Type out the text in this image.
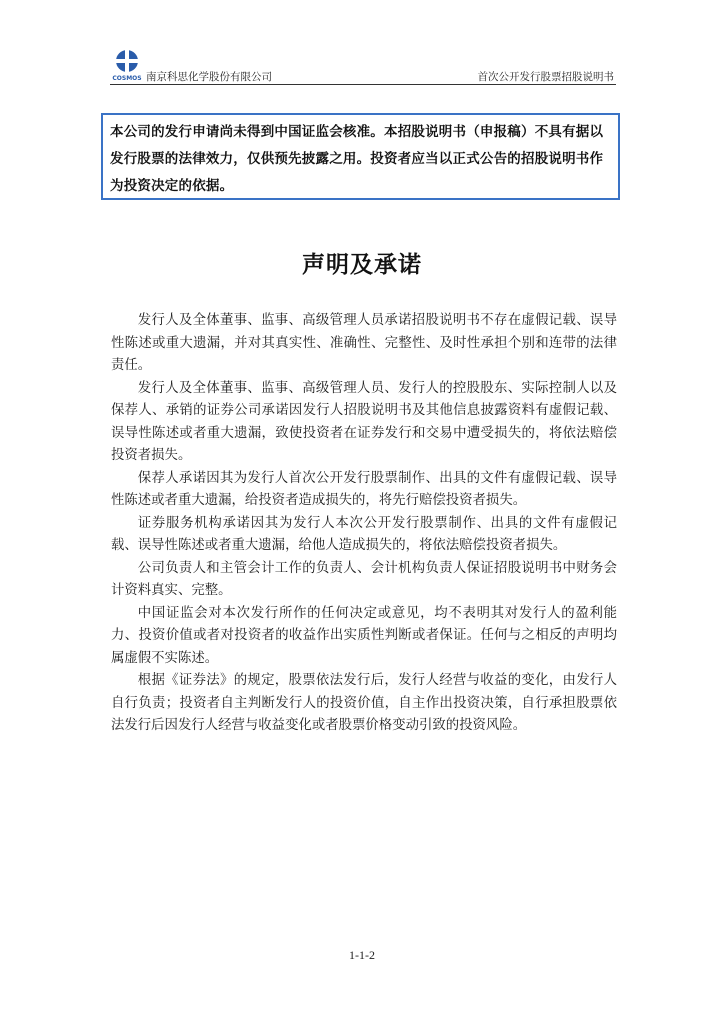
COSMOS 南京科思化学股份有限公司	首次公开发行股票招股说明书

本公司的发行申请尚未得到中国证监会核准。本招股说明书（申报稿）不具有据以发行股票的法律效力，仅供预先披露之用。投资者应当以正式公告的招股说明书作为投资决定的依据。

声明及承诺

发行人及全体董事、监事、高级管理人员承诺招股说明书不存在虚假记载、误导性陈述或重大遗漏，并对其真实性、准确性、完整性、及时性承担个别和连带的法律责任。

发行人及全体董事、监事、高级管理人员、发行人的控股股东、实际控制人以及保荐人、承销的证券公司承诺因发行人招股说明书及其他信息披露资料有虚假记载、误导性陈述或者重大遗漏，致使投资者在证券发行和交易中遭受损失的，将依法赔偿投资者损失。

保荐人承诺因其为发行人首次公开发行股票制作、出具的文件有虚假记载、误导性陈述或者重大遗漏，给投资者造成损失的，将先行赔偿投资者损失。

证券服务机构承诺因其为发行人本次公开发行股票制作、出具的文件有虚假记载、误导性陈述或者重大遗漏，给他人造成损失的，将依法赔偿投资者损失。

公司负责人和主管会计工作的负责人、会计机构负责人保证招股说明书中财务会计资料真实、完整。

中国证监会对本次发行所作的任何决定或意见，均不表明其对发行人的盈利能力、投资价值或者对投资者的收益作出实质性判断或者保证。任何与之相反的声明均属虚假不实陈述。

根据《证券法》的规定，股票依法发行后，发行人经营与收益的变化，由发行人自行负责；投资者自主判断发行人的投资价值，自主作出投资决策，自行承担股票依法发行后因发行人经营与收益变化或者股票价格变动引致的投资风险。

1-1-2
